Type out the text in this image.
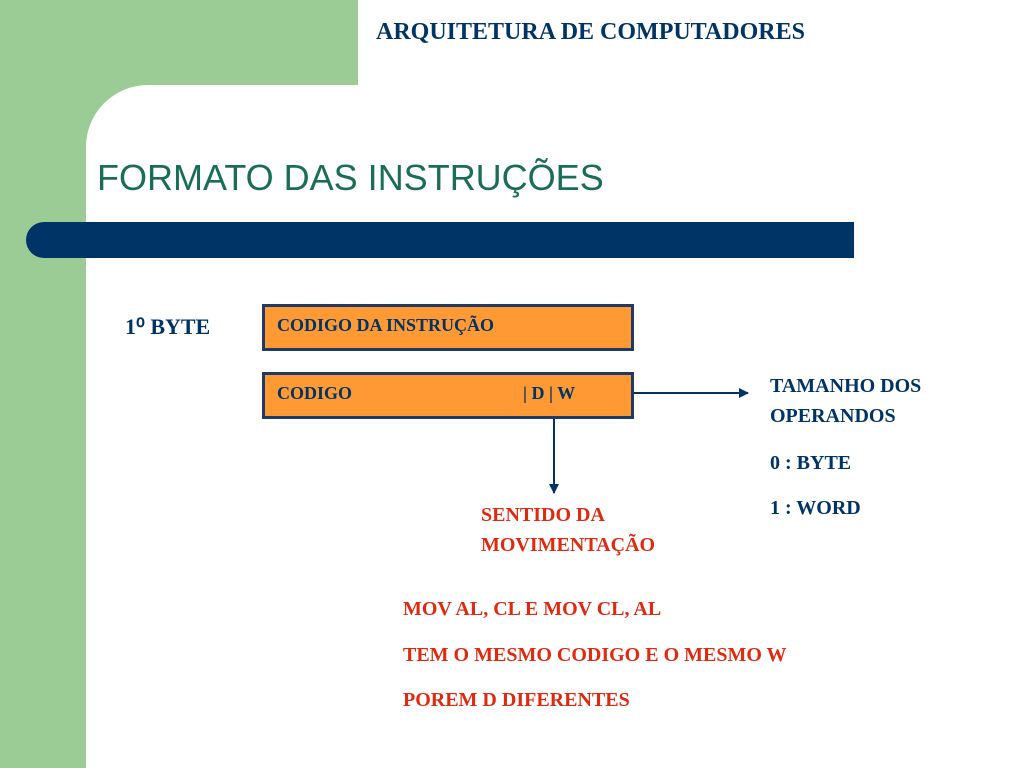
ARQUITETURA DE COMPUTADORES
FORMATO DAS INSTRUÇÕES
1⁰ BYTE	CODIGO DA INSTRUÇÃO
CODIGO	| D | W	TAMANHO DOS
OPERANDOS
0 : BYTE
1 : WORD
SENTIDO DA
MOVIMENTAÇÃO
MOV AL, CL E MOV CL, AL
TEM O MESMO CODIGO E O MESMO W
POREM D DIFERENTES
